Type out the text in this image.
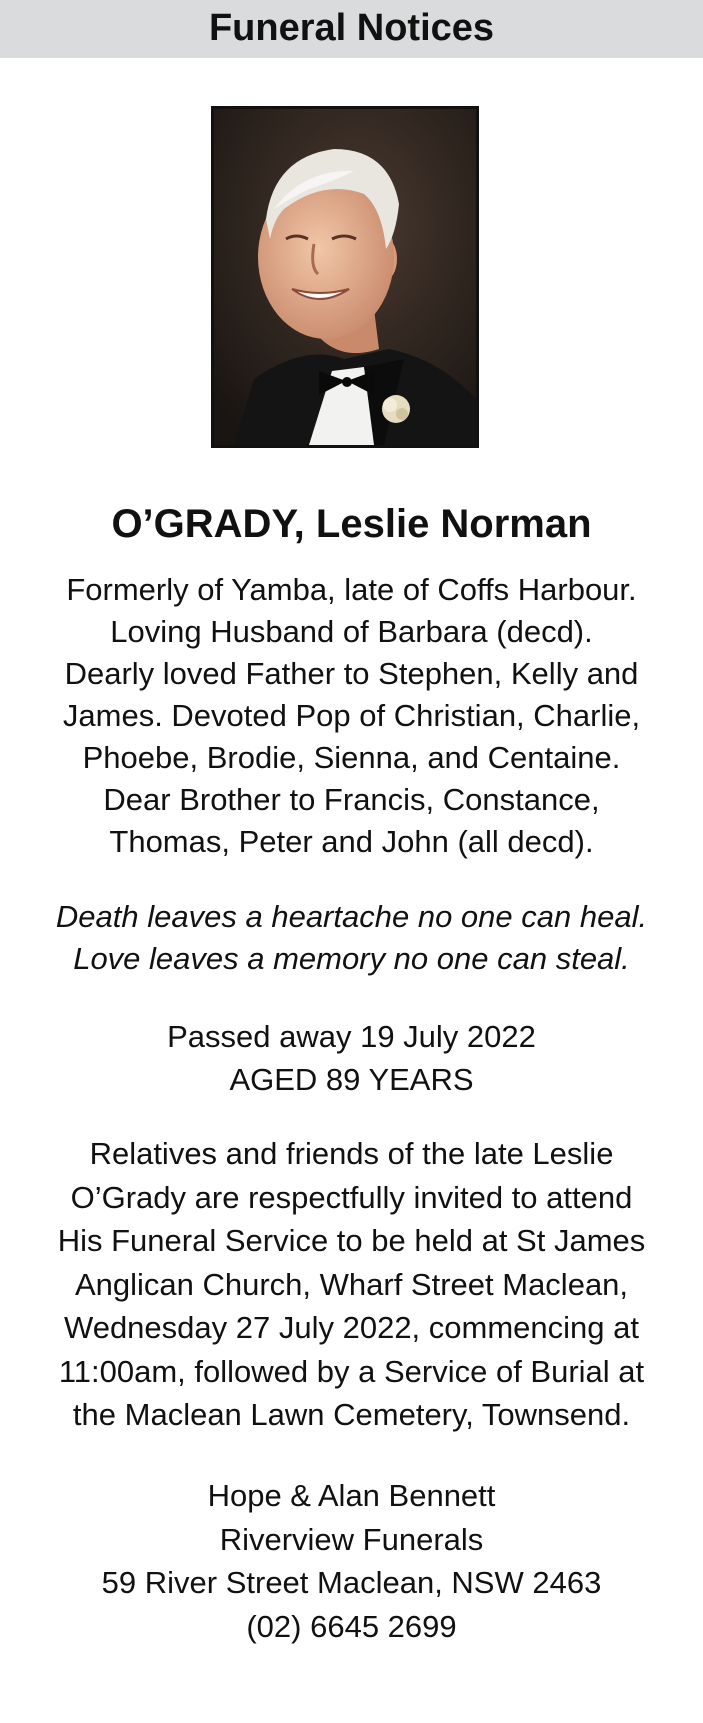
Funeral Notices
O’GRADY, Leslie Norman
Formerly of Yamba, late of Coffs Harbour.
Loving Husband of Barbara (decd).
Dearly loved Father to Stephen, Kelly and
James. Devoted Pop of Christian, Charlie,
Phoebe, Brodie, Sienna, and Centaine.
Dear Brother to Francis, Constance,
Thomas, Peter and John (all decd).
Death leaves a heartache no one can heal.
Love leaves a memory no one can steal.
Passed away 19 July 2022
AGED 89 YEARS
Relatives and friends of the late Leslie
O’Grady are respectfully invited to attend
His Funeral Service to be held at St James
Anglican Church, Wharf Street Maclean,
Wednesday 27 July 2022, commencing at
11:00am, followed by a Service of Burial at
the Maclean Lawn Cemetery, Townsend.
Hope & Alan Bennett
Riverview Funerals
59 River Street Maclean, NSW 2463
(02) 6645 2699
